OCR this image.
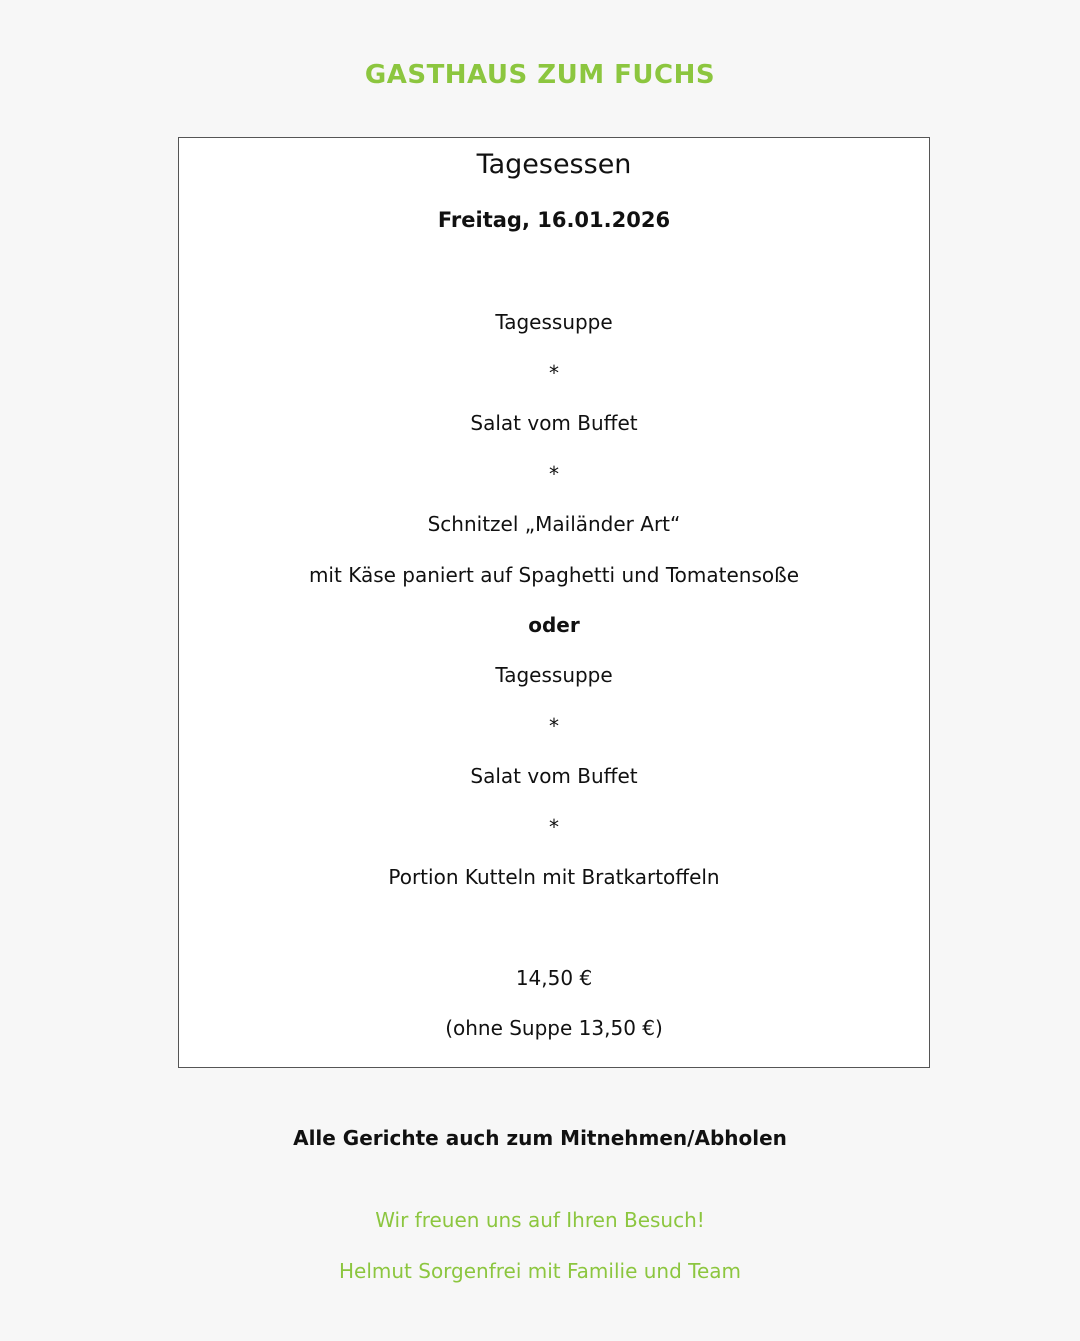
GASTHAUS ZUM FUCHS
Tagesessen
Freitag, 16.01.2026
Tagessuppe
*
Salat vom Buffet
*
Schnitzel „Mailänder Art“
mit Käse paniert auf Spaghetti und Tomatensoße
oder
Tagessuppe
*
Salat vom Buffet
*
Portion Kutteln mit Bratkartoffeln
14,50 €
(ohne Suppe 13,50 €)
Alle Gerichte auch zum Mitnehmen/Abholen
Wir freuen uns auf Ihren Besuch!
Helmut Sorgenfrei mit Familie und Team
